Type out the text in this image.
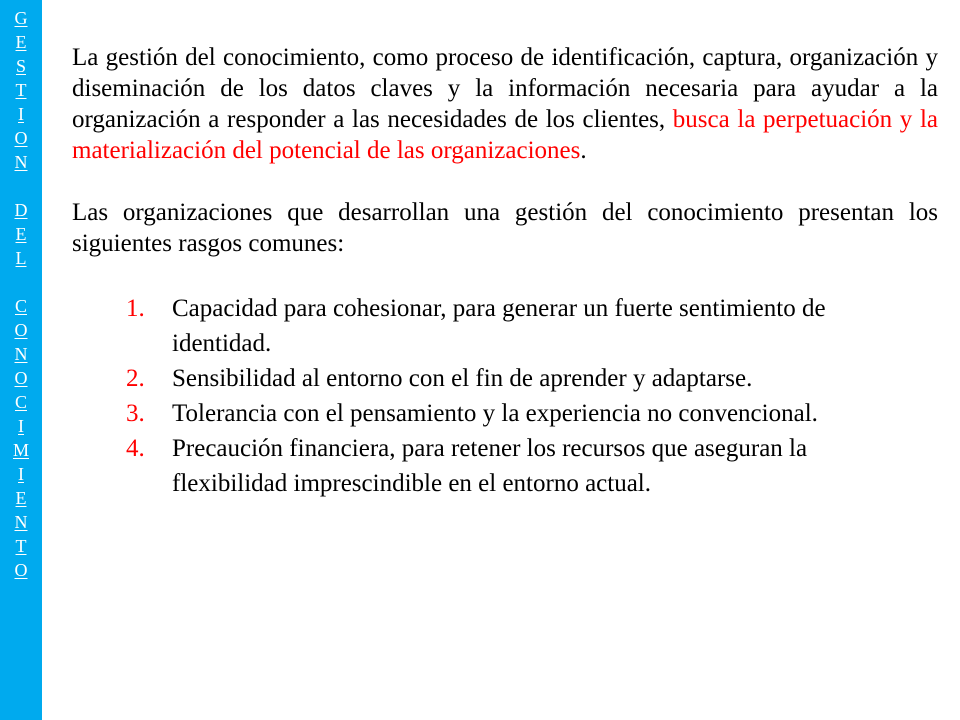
G
E
S
T
I
O
N
D
E
L
C
O
N
O
C
I
M
I
E
N
T
O

La gestión del conocimiento, como proceso de identificación, captura, organización y diseminación de los datos claves y la información necesaria para ayudar a la organización a responder a las necesidades de los clientes, busca la perpetuación y la materialización del potencial de las organizaciones.

Las organizaciones que desarrollan una gestión del conocimiento presentan los siguientes rasgos comunes:

1. Capacidad para cohesionar, para generar un fuerte sentimiento de identidad.
2. Sensibilidad al entorno con el fin de aprender y adaptarse.
3. Tolerancia con el pensamiento y la experiencia no convencional.
4. Precaución financiera, para retener los recursos que aseguran la flexibilidad imprescindible en el entorno actual.
